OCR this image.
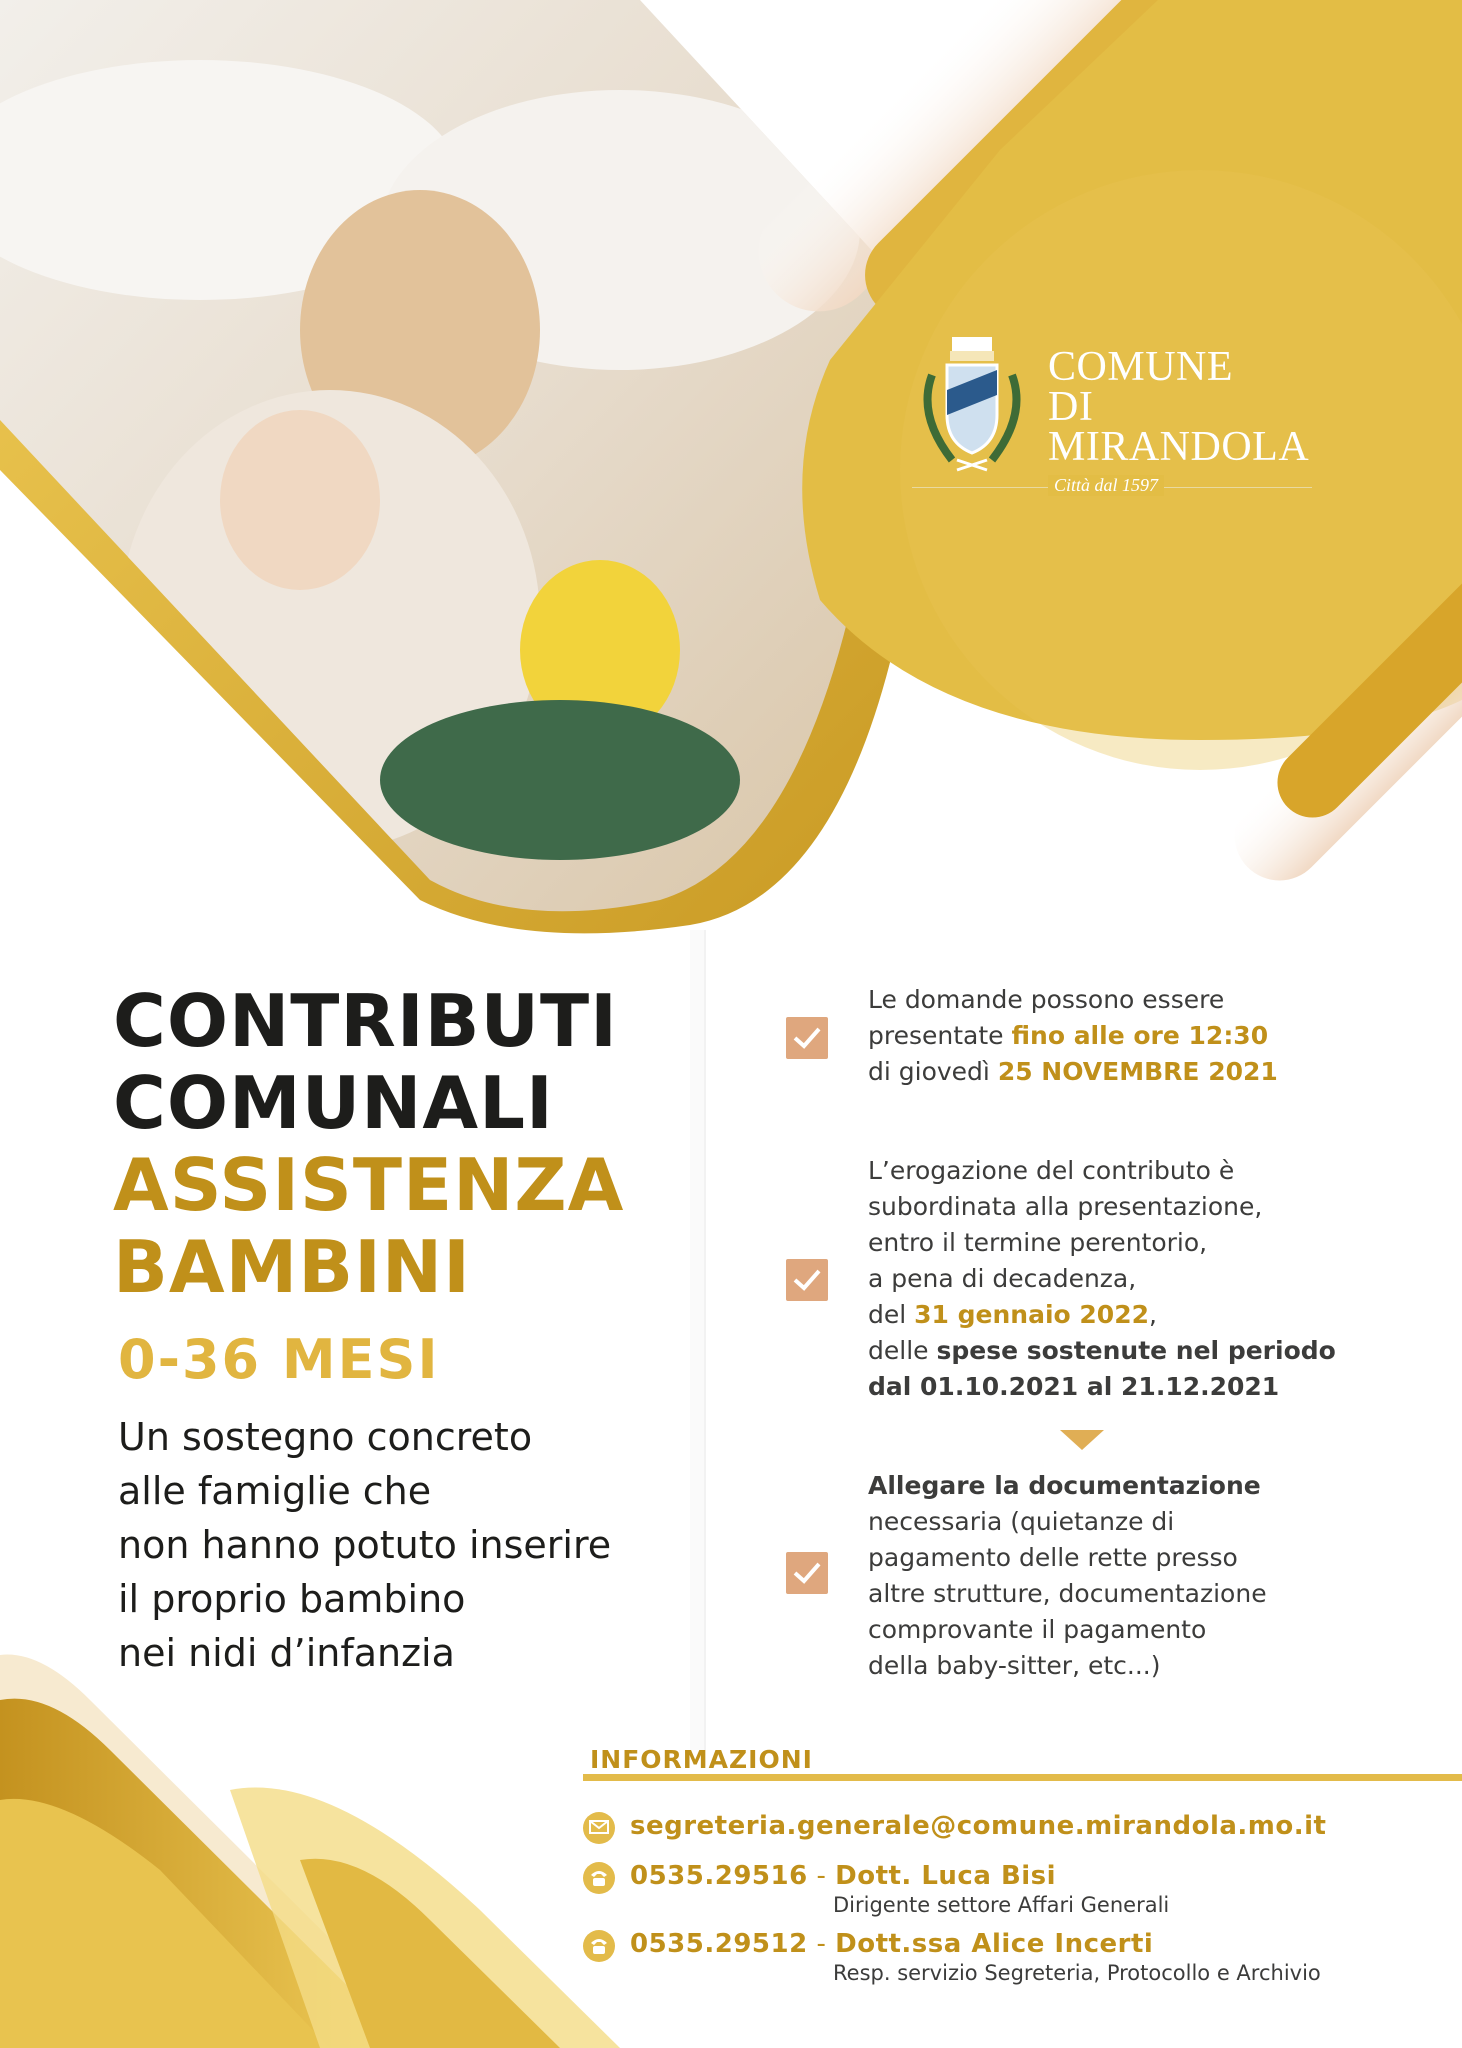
COMUNE
DI
MIRANDOLA
Città dal 1597
CONTRIBUTI
COMUNALI
ASSISTENZA
BAMBINI
0-36 MESI
Un sostegno concreto
alle famiglie che
non hanno potuto inserire
il proprio bambino
nei nidi d’infanzia
Le domande possono essere
presentate fino alle ore 12:30
di giovedì 25 NOVEMBRE 2021
L’erogazione del contributo è
subordinata alla presentazione,
entro il termine perentorio,
a pena di decadenza,
del 31 gennaio 2022,
delle spese sostenute nel periodo
dal 01.10.2021 al 21.12.2021
Allegare la documentazione
necessaria (quietanze di
pagamento delle rette presso
altre strutture, documentazione
comprovante il pagamento
della baby-sitter, etc...)
INFORMAZIONI
segreteria.generale@comune.mirandola.mo.it
0535.29516 - Dott. Luca Bisi
Dirigente settore Affari Generali
0535.29512 - Dott.ssa Alice Incerti
Resp. servizio Segreteria, Protocollo e Archivio
